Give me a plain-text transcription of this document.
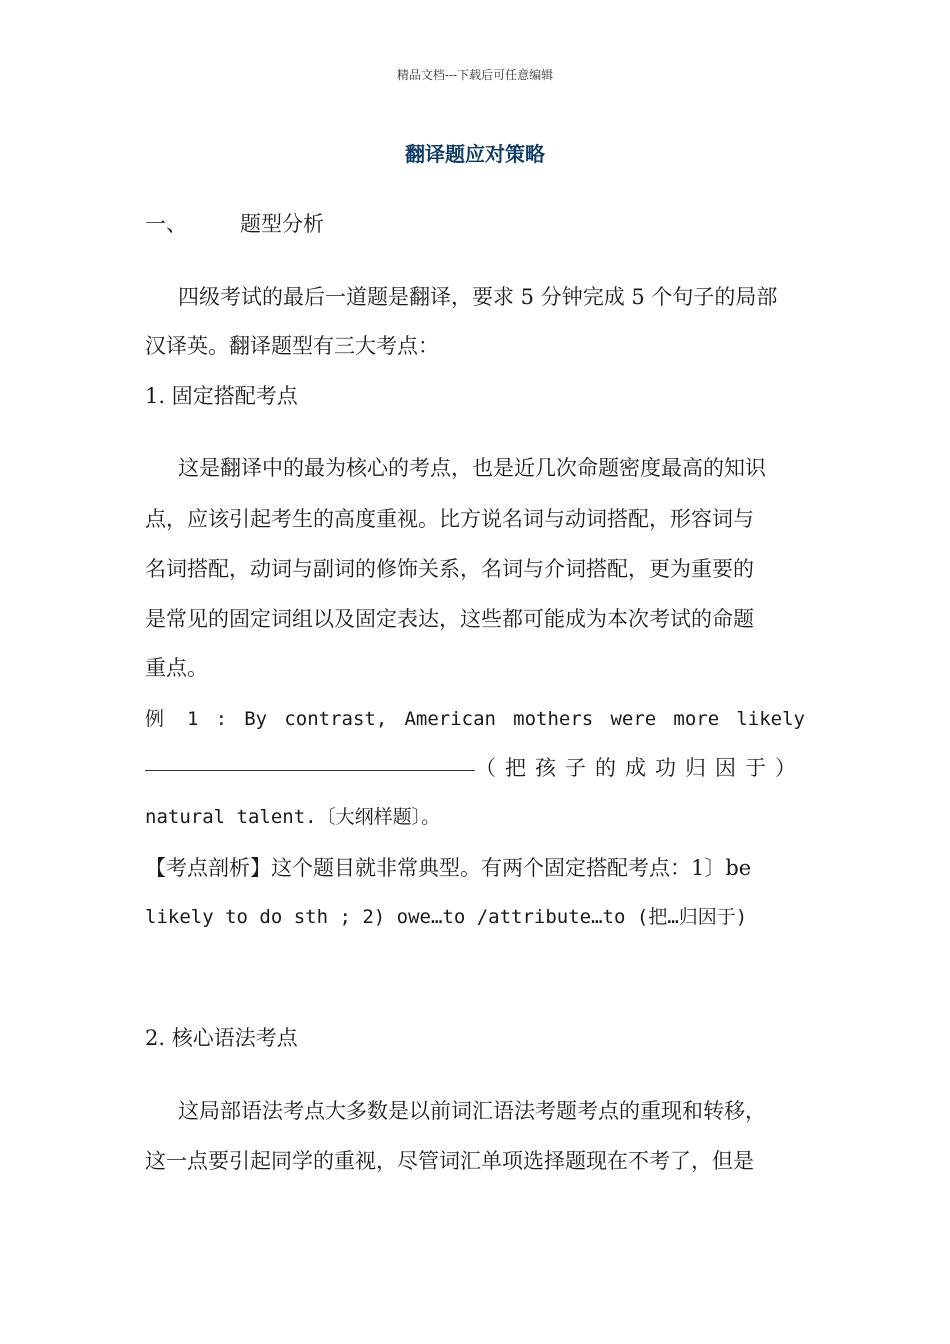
精品文档---下载后可任意编辑
翻译题应对策略
一、	题型分析
四级考试的最后一道题是翻译，要求 5 分钟完成 5 个句子的局部
汉译英。翻译题型有三大考点：
1. 固定搭配考点
这是翻译中的最为核心的考点，也是近几次命题密度最高的知识
点，应该引起考生的高度重视。比方说名词与动词搭配，形容词与
名词搭配，动词与副词的修饰关系，名词与介词搭配，更为重要的
是常见的固定词组以及固定表达，这些都可能成为本次考试的命题
重点。
例 1 : By contrast, American mothers were more likely
（把孩子的成功归因于）
natural talent.〔大纲样题〕。
【考点剖析】这个题目就非常典型。有两个固定搭配考点：1〕be
likely to do sth ; 2) owe…to /attribute…to (把…归因于)
2. 核心语法考点
这局部语法考点大多数是以前词汇语法考题考点的重现和转移，
这一点要引起同学的重视，尽管词汇单项选择题现在不考了，但是
